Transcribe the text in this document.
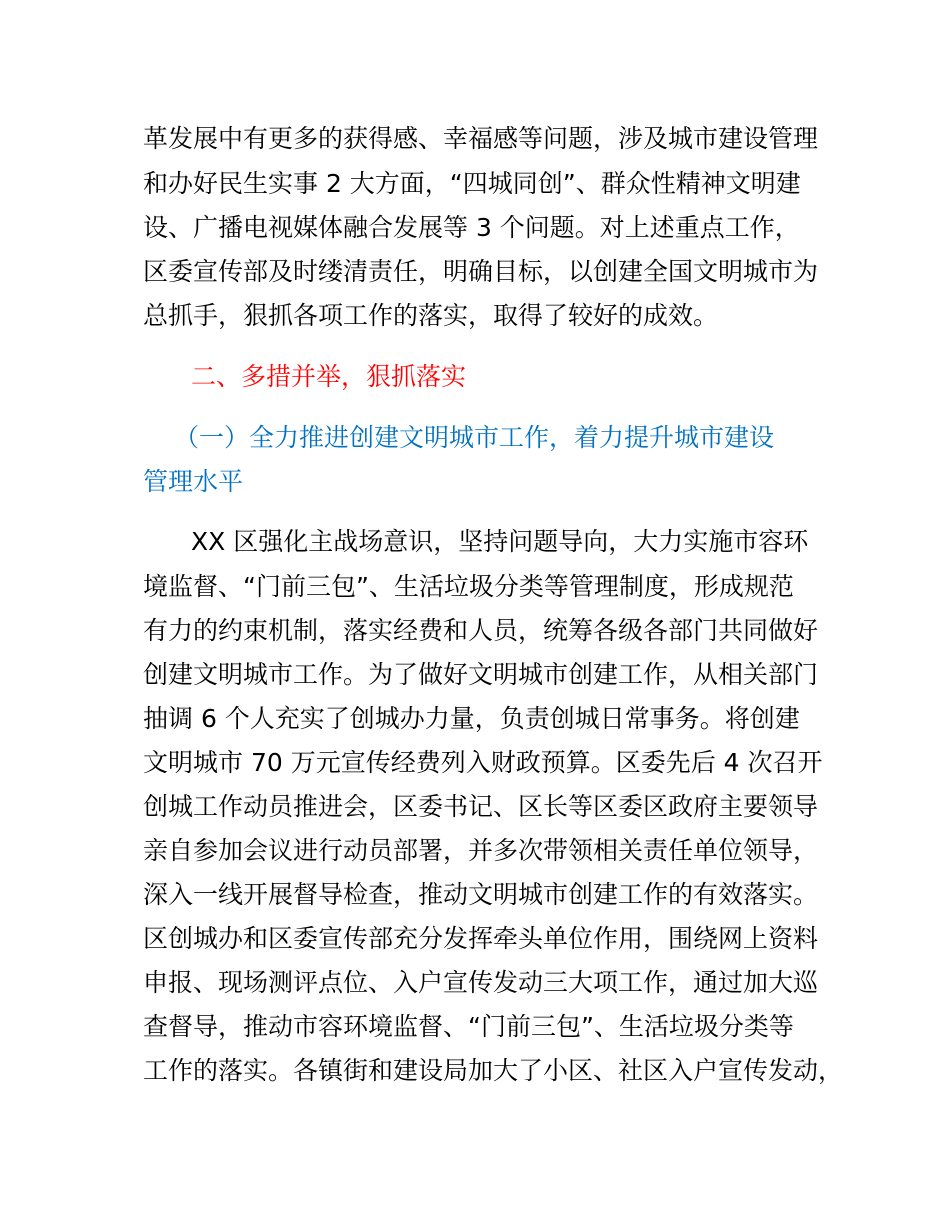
革发展中有更多的获得感、幸福感等问题，涉及城市建设管理
和办好民生实事 2 大方面，“四城同创”、群众性精神文明建
设、广播电视媒体融合发展等 3 个问题。对上述重点工作，
区委宣传部及时缕清责任，明确目标，以创建全国文明城市为
总抓手，狠抓各项工作的落实，取得了较好的成效。
二、多措并举，狠抓落实
（一）全力推进创建文明城市工作，着力提升城市建设
管理水平
XX 区强化主战场意识，坚持问题导向，大力实施市容环
境监督、“门前三包”、生活垃圾分类等管理制度，形成规范
有力的约束机制，落实经费和人员，统筹各级各部门共同做好
创建文明城市工作。为了做好文明城市创建工作，从相关部门
抽调 6 个人充实了创城办力量，负责创城日常事务。将创建
文明城市 70 万元宣传经费列入财政预算。区委先后 4 次召开
创城工作动员推进会，区委书记、区长等区委区政府主要领导
亲自参加会议进行动员部署，并多次带领相关责任单位领导，
深入一线开展督导检查，推动文明城市创建工作的有效落实。
区创城办和区委宣传部充分发挥牵头单位作用，围绕网上资料
申报、现场测评点位、入户宣传发动三大项工作，通过加大巡
查督导，推动市容环境监督、“门前三包”、生活垃圾分类等
工作的落实。各镇街和建设局加大了小区、社区入户宣传发动，
